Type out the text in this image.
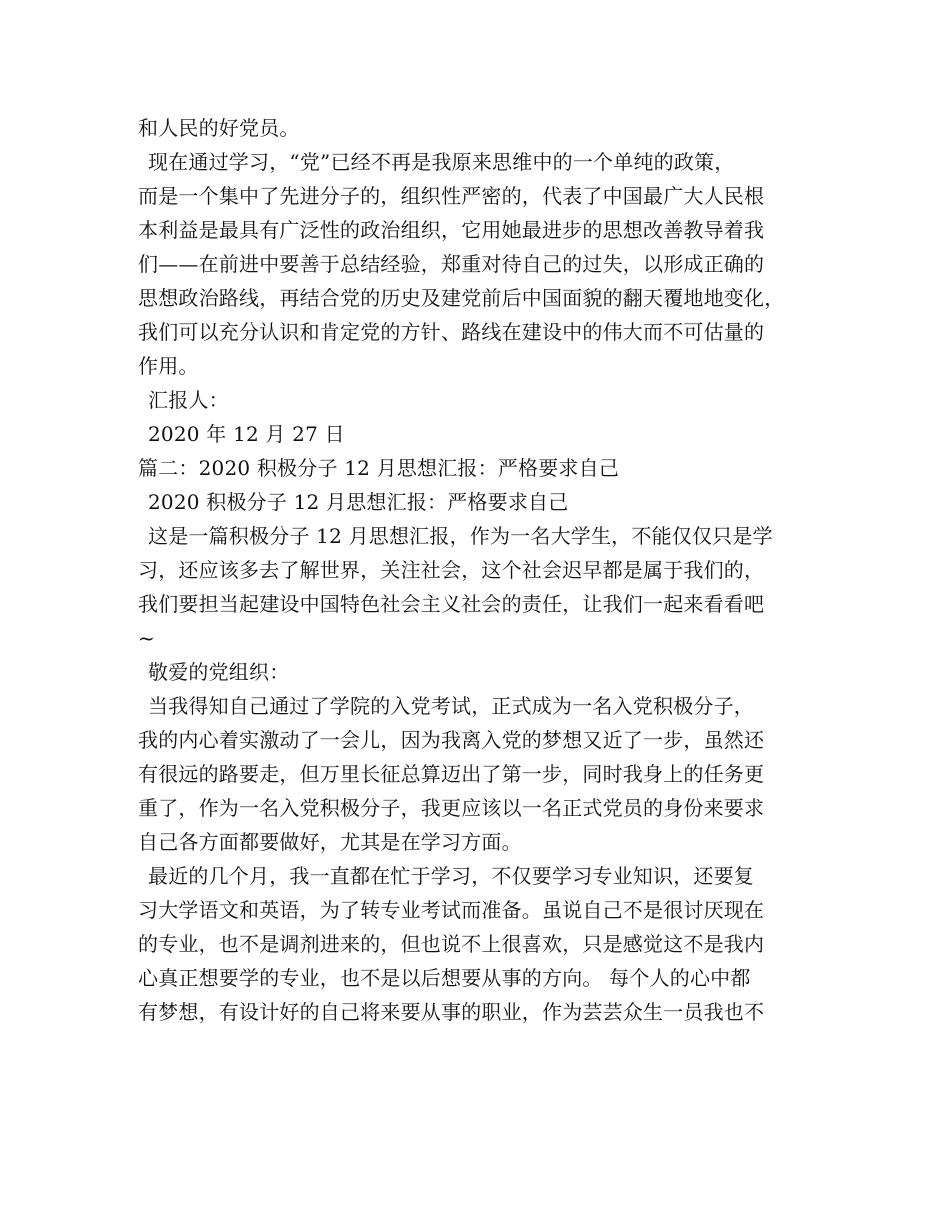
和人民的好党员。
现在通过学习，“党”已经不再是我原来思维中的一个单纯的政策，
而是一个集中了先进分子的，组织性严密的，代表了中国最广大人民根
本利益是最具有广泛性的政治组织，它用她最进步的思想改善教导着我
们——在前进中要善于总结经验，郑重对待自己的过失，以形成正确的
思想政治路线，再结合党的历史及建党前后中国面貌的翻天覆地地变化，
我们可以充分认识和肯定党的方针、路线在建设中的伟大而不可估量的
作用。
汇报人：
2020 年 12 月 27 日
篇二：2020 积极分子 12 月思想汇报：严格要求自己
2020 积极分子 12 月思想汇报：严格要求自己
这是一篇积极分子 12 月思想汇报，作为一名大学生，不能仅仅只是学
习，还应该多去了解世界，关注社会，这个社会迟早都是属于我们的，
我们要担当起建设中国特色社会主义社会的责任，让我们一起来看看吧
~
敬爱的党组织：
当我得知自己通过了学院的入党考试，正式成为一名入党积极分子，
我的内心着实激动了一会儿，因为我离入党的梦想又近了一步，虽然还
有很远的路要走，但万里长征总算迈出了第一步，同时我身上的任务更
重了，作为一名入党积极分子，我更应该以一名正式党员的身份来要求
自己各方面都要做好，尤其是在学习方面。
最近的几个月，我一直都在忙于学习，不仅要学习专业知识，还要复
习大学语文和英语，为了转专业考试而准备。虽说自己不是很讨厌现在
的专业，也不是调剂进来的，但也说不上很喜欢，只是感觉这不是我内
心真正想要学的专业，也不是以后想要从事的方向。 每个人的心中都
有梦想，有设计好的自己将来要从事的职业，作为芸芸众生一员我也不
